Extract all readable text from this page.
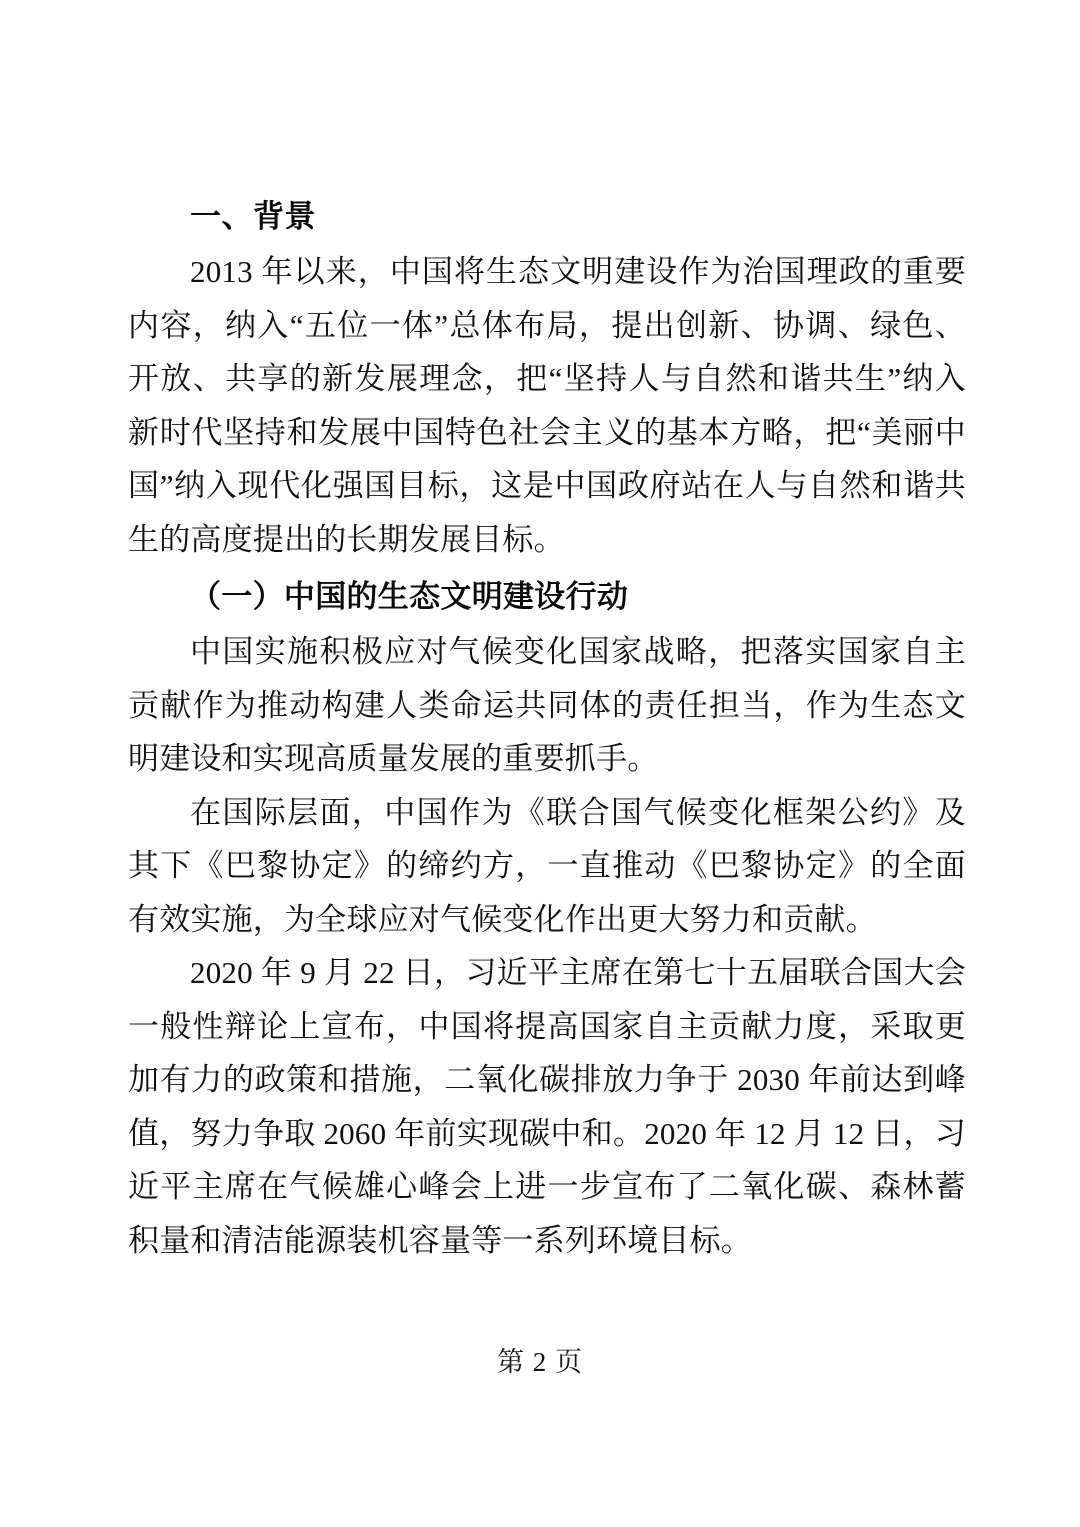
一、背景

2013 年以来，中国将生态文明建设作为治国理政的重要内容，纳入“五位一体”总体布局，提出创新、协调、绿色、开放、共享的新发展理念，把“坚持人与自然和谐共生”纳入新时代坚持和发展中国特色社会主义的基本方略，把“美丽中国”纳入现代化强国目标，这是中国政府站在人与自然和谐共生的高度提出的长期发展目标。

（一）中国的生态文明建设行动

中国实施积极应对气候变化国家战略，把落实国家自主贡献作为推动构建人类命运共同体的责任担当，作为生态文明建设和实现高质量发展的重要抓手。

在国际层面，中国作为《联合国气候变化框架公约》及其下《巴黎协定》的缔约方，一直推动《巴黎协定》的全面有效实施，为全球应对气候变化作出更大努力和贡献。

2020 年 9 月 22 日，习近平主席在第七十五届联合国大会一般性辩论上宣布，中国将提高国家自主贡献力度，采取更加有力的政策和措施，二氧化碳排放力争于 2030 年前达到峰值，努力争取 2060 年前实现碳中和。2020 年 12 月 12 日，习近平主席在气候雄心峰会上进一步宣布了二氧化碳、森林蓄积量和清洁能源装机容量等一系列环境目标。

第 2 页
